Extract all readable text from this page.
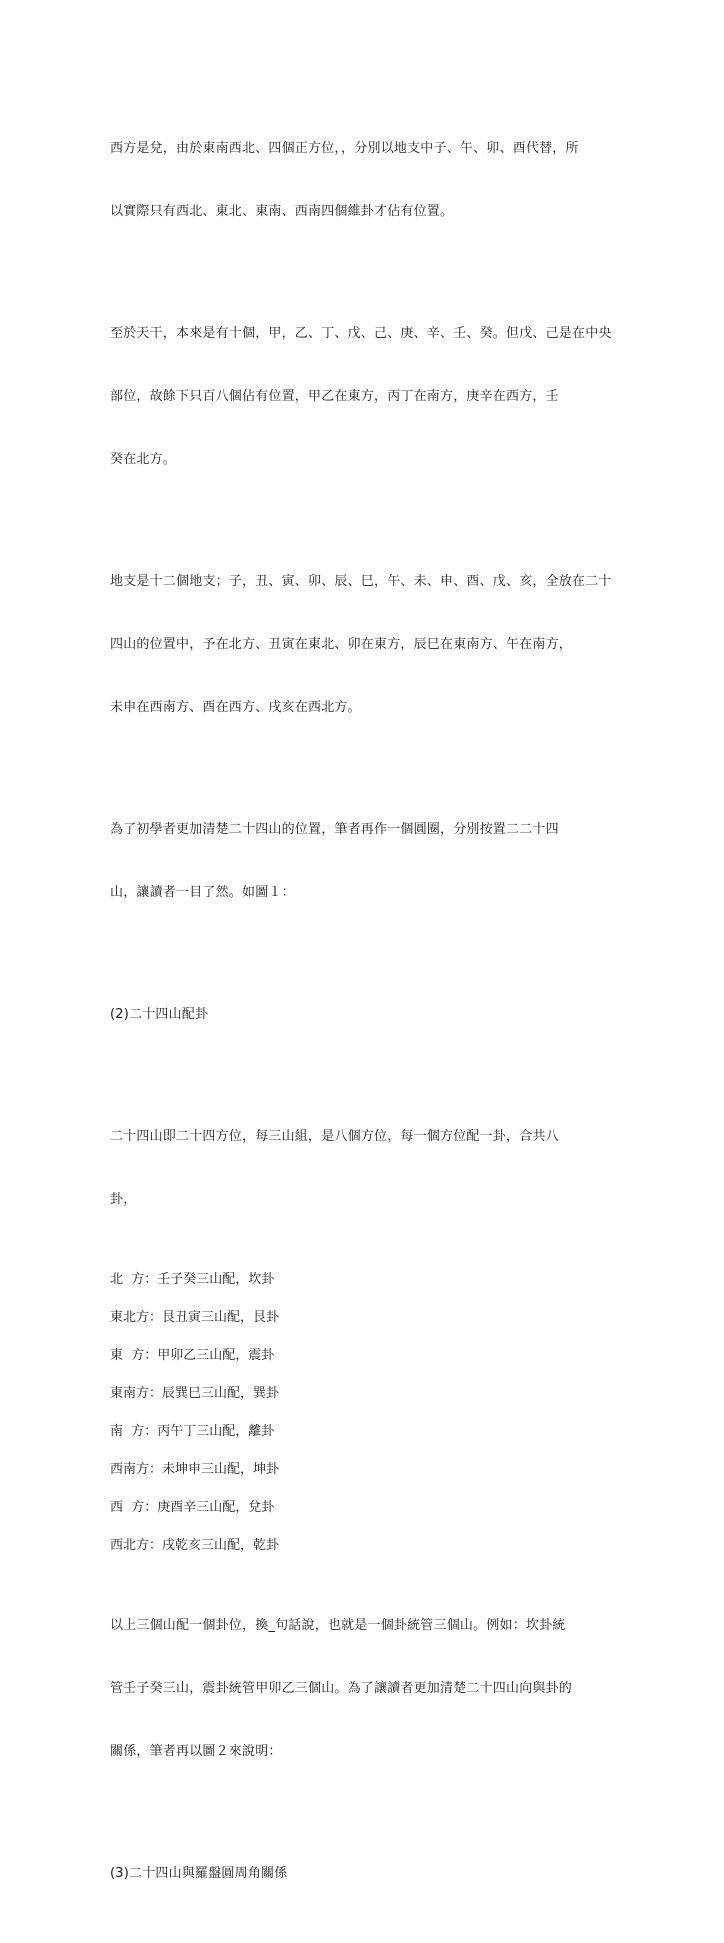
西方是兌，由於東南西北、四個正方位，，分別以地支中子、午、卯、酉代替，所

以實際只有西北、東北、東南、西南四個維卦才佔有位置。

至於天干，本來是有十個，甲，乙、丁、戊、己、庚、辛、壬、癸。但戊、己是在中央

部位，故餘下只百八個佔有位置，甲乙在東方，丙丁在南方，庚辛在西方，壬

癸在北方。

地支是十二個地支；子，丑、寅、卯、辰、巳，午、未、申、酉、戊、亥，全放在二十

四山的位置中，予在北方、丑寅在東北、卯在東方，辰巳在東南方、午在南方，

未申在西南方、酉在西方、戌亥在西北方。

為了初學者更加清楚二十四山的位置，筆者再作一個圓圈，分別按置二二十四

山，讓讀者一目了然。如圖１：

(2)二十四山配卦

二十四山即二十四方位，每三山組，是八個方位，每一個方位配一卦，合共八

卦，

北  方：壬子癸三山配，坎卦

東北方：艮丑寅三山配，艮卦

東  方：甲卯乙三山配，震卦

東南方：辰巽巳三山配，巽卦

南  方：丙午丁三山配，離卦

西南方：未坤申三山配，坤卦

西  方：庚酉辛三山配，兌卦

西北方：戌乾亥三山配，乾卦

以上三個山配一個卦位，換_句話說，也就是一個卦統管三個山。例如：坎卦統

管壬子癸三山，震卦統管甲卯乙三個山。為了讓讀者更加清楚二十四山向與卦的

關係，筆者再以圖２來說明：

(3)二十四山與羅盤圓周角關係
